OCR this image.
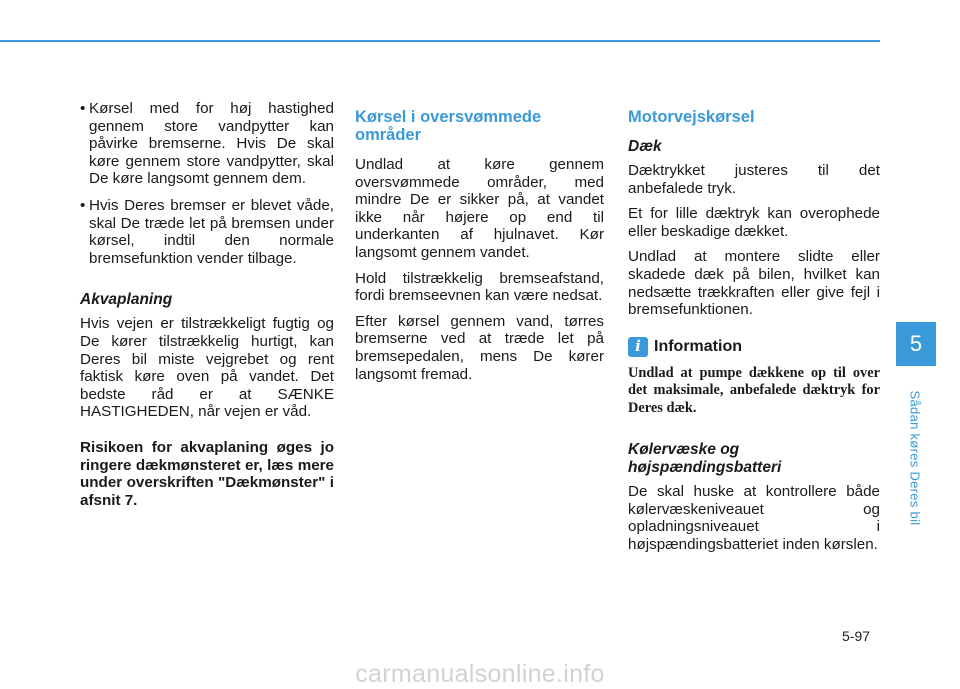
• Kørsel med for høj hastighed gennem store vandpytter kan påvirke bremserne. Hvis De skal køre gennem store vandpytter, skal De køre langsomt gennem dem.
• Hvis Deres bremser er blevet våde, skal De træde let på bremsen under kørsel, indtil den normale bremsefunktion vender tilbage.
Akvaplaning

Hvis vejen er tilstrækkeligt fugtig og De kører tilstrækkelig hurtigt, kan Deres bil miste vejgrebet og rent faktisk køre oven på vandet. Det bedste råd er at SÆNKE HASTIGHEDEN, når vejen er våd.

Risikoen for akvaplaning øges jo ringere dækmønsteret er, læs mere under overskriften "Dækmønster" i afsnit 7.

Kørsel i oversvømmede områder

Undlad at køre gennem oversvømmede områder, med mindre De er sikker på, at vandet ikke når højere op end til underkanten af hjulnavet. Kør langsomt gennem vandet.

Hold tilstrækkelig bremseafstand, fordi bremseevnen kan være nedsat.

Efter kørsel gennem vand, tørres bremserne ved at træde let på bremsepedalen, mens De kører langsomt fremad.

Motorvejskørsel
Dæk

Dæktrykket justeres til det anbefalede tryk.

Et for lille dæktryk kan overophede eller beskadige dækket.

Undlad at montere slidte eller skadede dæk på bilen, hvilket kan nedsætte trækkraften eller give fejl i bremsefunktionen.

i Information
Undlad at pumpe dækkene op til over det maksimale, anbefalede dæktryk for Deres dæk.
Kølervæske og højspændingsbatteri

De skal huske at kontrollere både kølervæskeniveauet og opladningsniveauet i højspændingsbatteriet inden kørslen.

5
Sådan køres Deres bil
5-97
carmanualsonline.info
